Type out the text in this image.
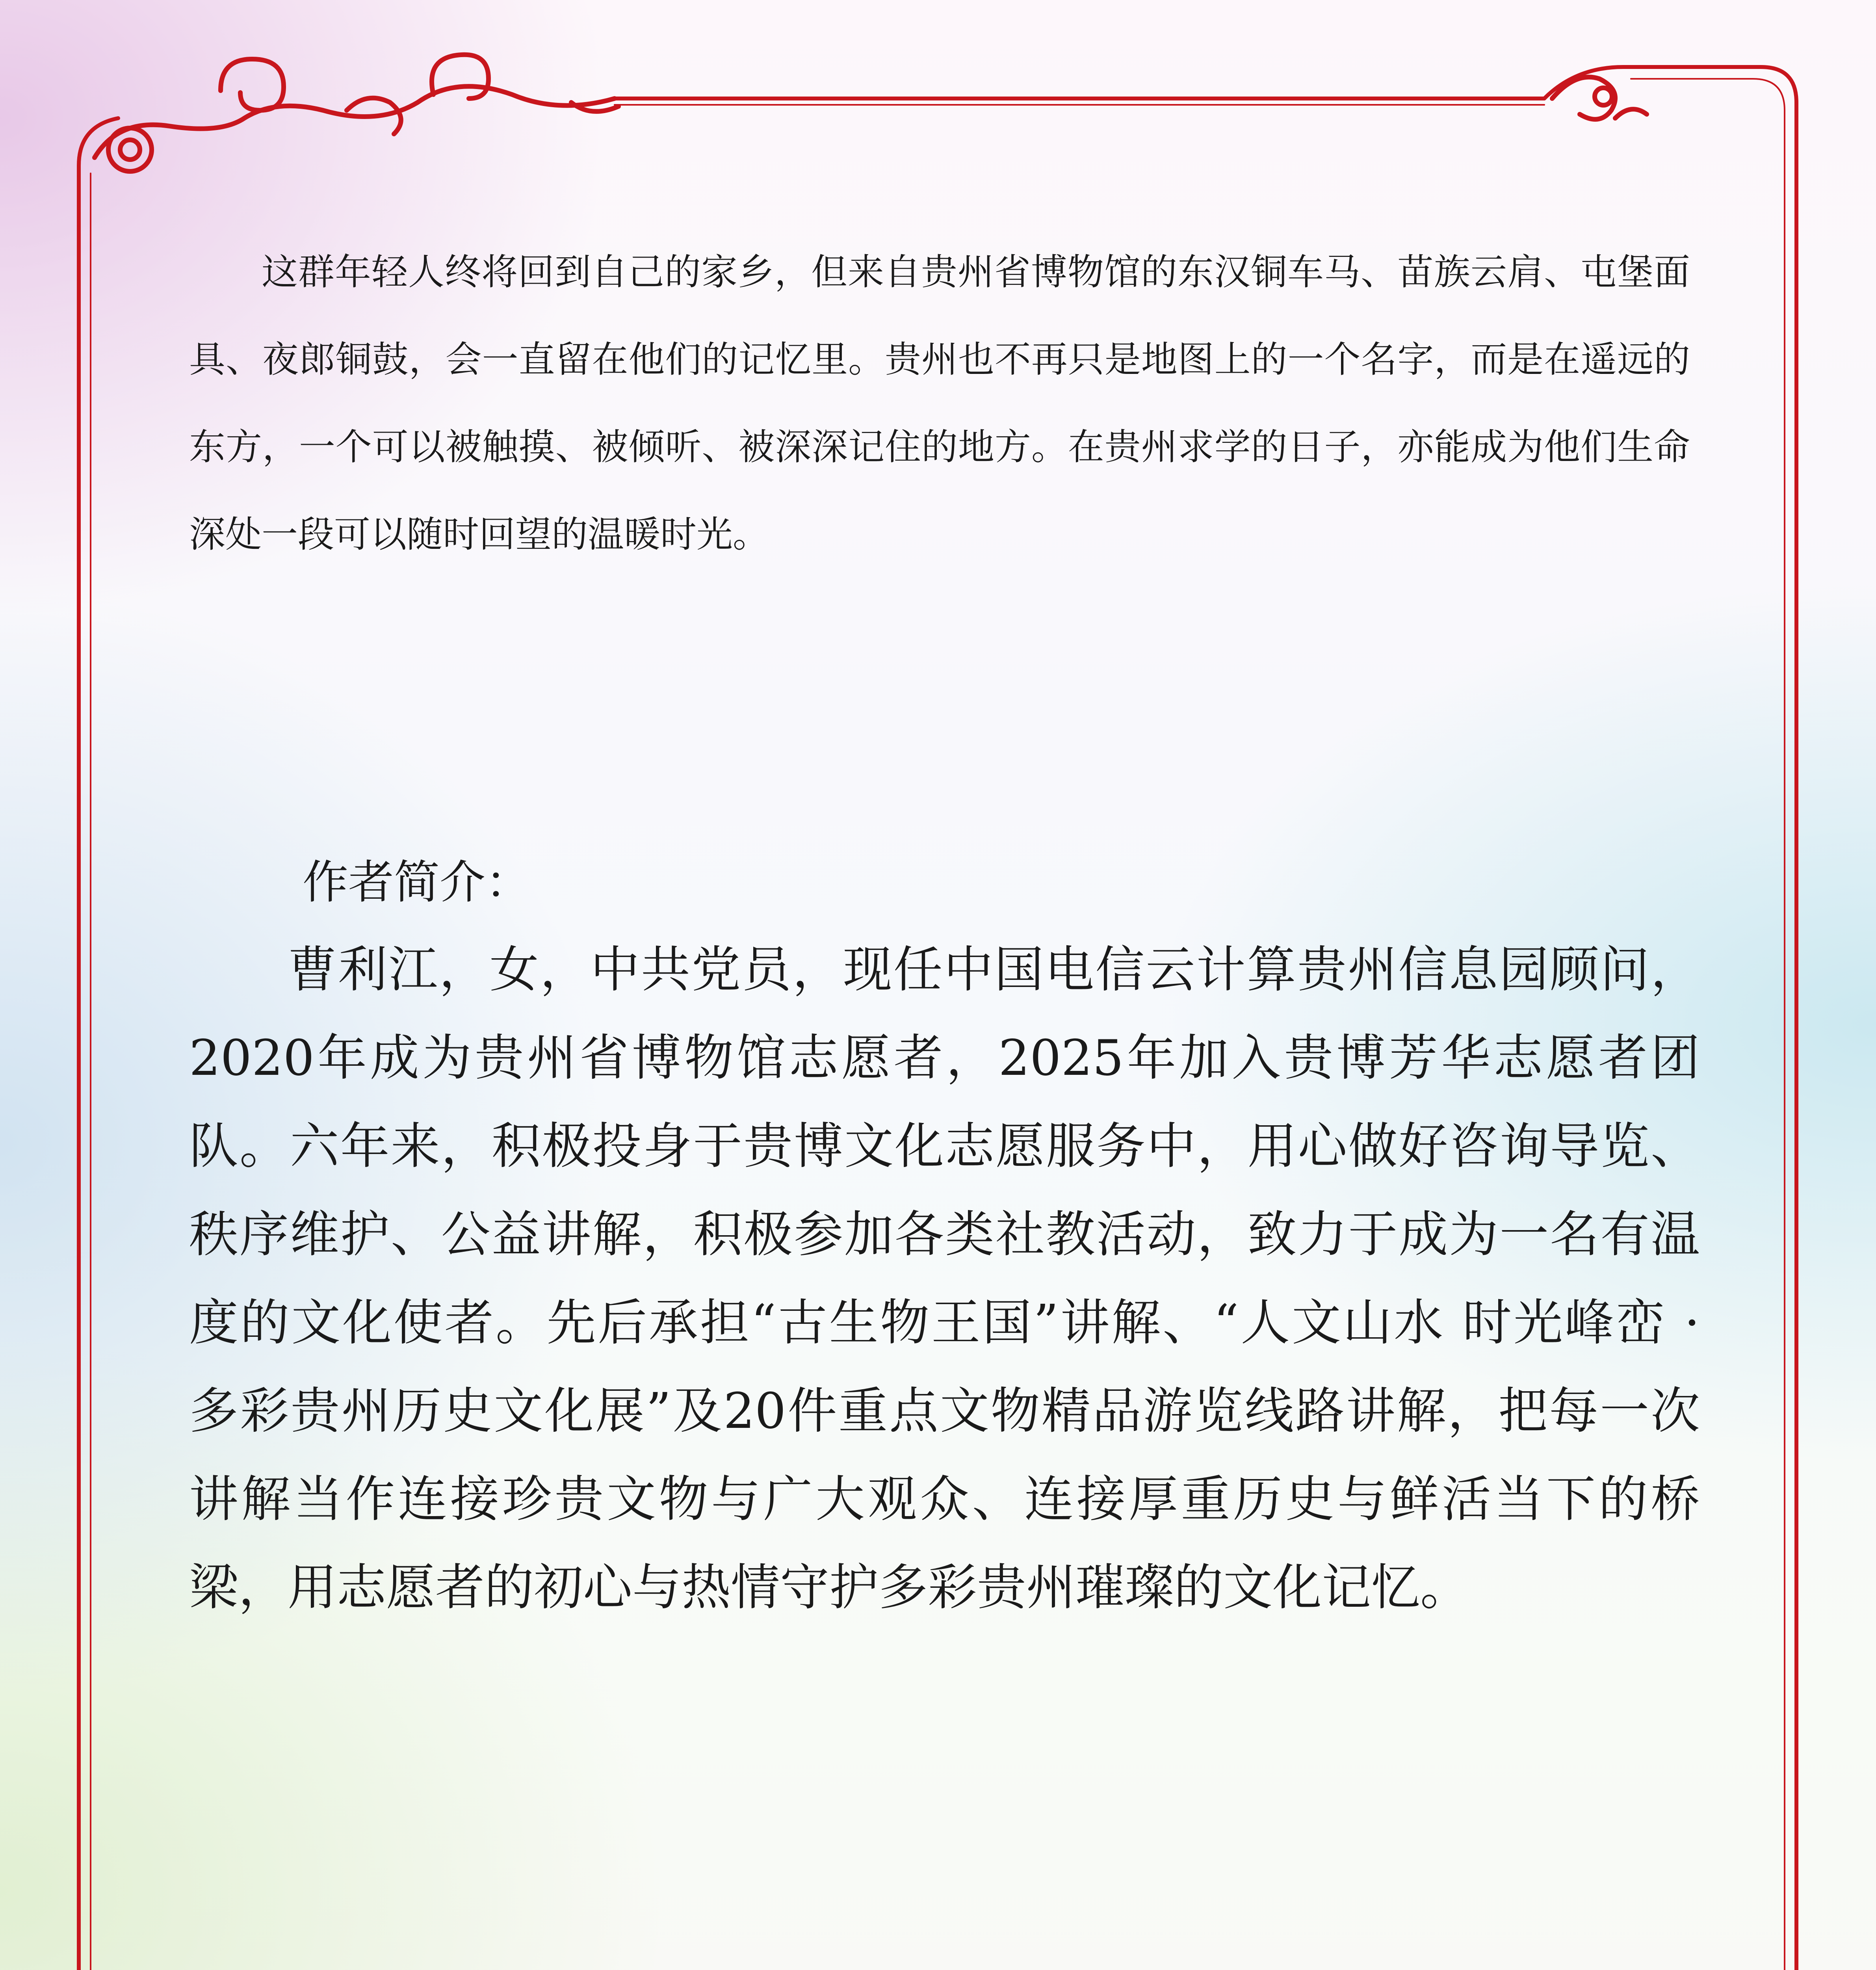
这群年轻人终将回到自己的家乡，但来自贵州省博物馆的东汉铜车马、苗族云肩、屯堡面具、夜郎铜鼓，会一直留在他们的记忆里。贵州也不再只是地图上的一个名字，而是在遥远的东方，一个可以被触摸、被倾听、被深深记住的地方。在贵州求学的日子，亦能成为他们生命深处一段可以随时回望的温暖时光。

作者简介：

曹利江，女，中共党员，现任中国电信云计算贵州信息园顾问，2020年成为贵州省博物馆志愿者，2025年加入贵博芳华志愿者团队。六年来，积极投身于贵博文化志愿服务中，用心做好咨询导览、秩序维护、公益讲解，积极参加各类社教活动，致力于成为一名有温度的文化使者。先后承担“古生物王国”讲解、“人文山水 时光峰峦 · 多彩贵州历史文化展”及20件重点文物精品游览线路讲解，把每一次讲解当作连接珍贵文物与广大观众、连接厚重历史与鲜活当下的桥梁，用志愿者的初心与热情守护多彩贵州璀璨的文化记忆。
